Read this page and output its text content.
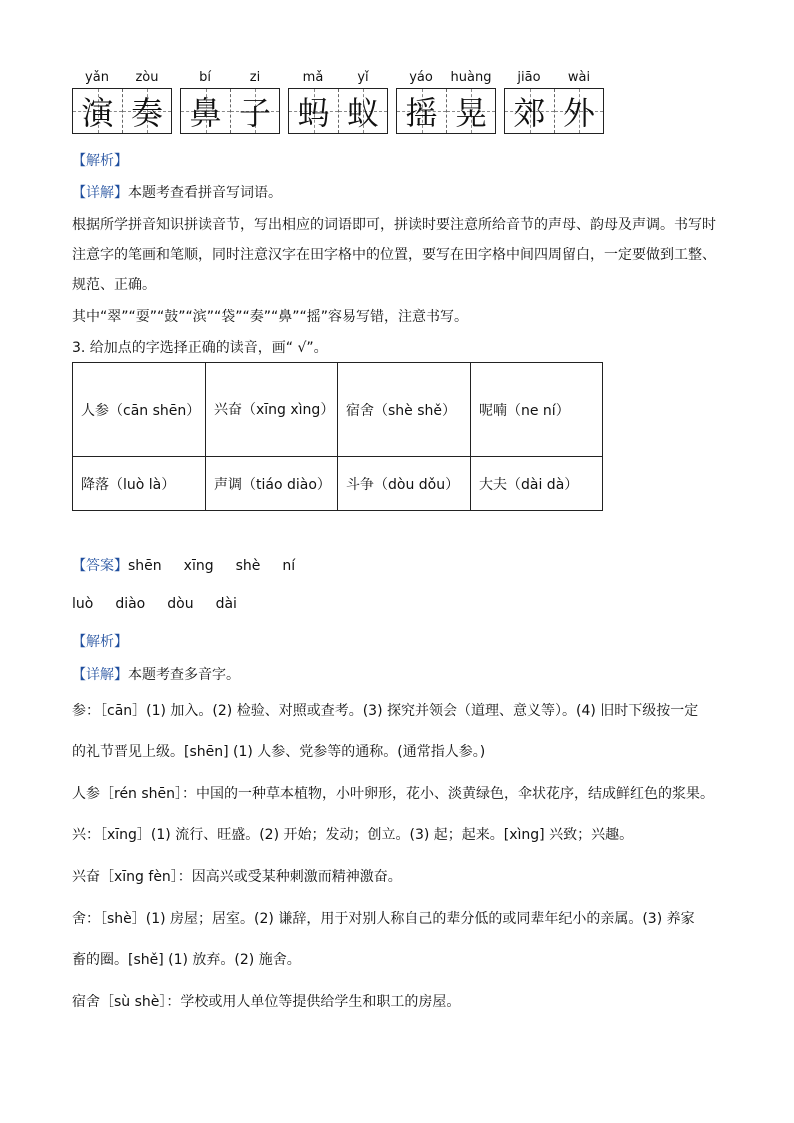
yǎn	zòu	bí	zi	mǎ	yǐ	yáo	huàng	jiāo	wài
演 奏 鼻 子 蚂 蚁 摇 晃 郊 外
【解析】
【详解】本题考查看拼音写词语。
根据所学拼音知识拼读音节，写出相应的词语即可，拼读时要注意所给音节的声母、韵母及声调。书写时
注意字的笔画和笔顺，同时注意汉字在田字格中的位置，要写在田字格中间四周留白，一定要做到工整、
规范、正确。
其中“翠”“耍”“鼓”“滨”“袋”“奏”“鼻”“摇”容易写错，注意书写。
3. 给加点的字选择正确的读音，画“ √”。
人参（cān shēn）	兴奋（xīng xìng）	宿舍（shè shě）	呢喃（ne ní）
降落（luò là）	声调（tiáo diào）	斗争（dòu dǒu）	大夫（dài dà）
【答案】shēn xīng shè ní
luò diào dòu dài
【解析】
【详解】本题考查多音字。
参：［cān］(1) 加入。(2) 检验、对照或查考。(3) 探究并领会（道理、意义等）。(4) 旧时下级按一定
的礼节晋见上级。[shēn] (1) 人参、党参等的通称。(通常指人参。)
人参［rén shēn］：中国的一种草本植物，小叶卵形，花小、淡黄绿色，伞状花序，结成鲜红色的浆果。
兴：［xīng］(1) 流行、旺盛。(2) 开始；发动；创立。(3) 起；起来。[xìng] 兴致；兴趣。
兴奋［xīng fèn］：因高兴或受某种刺激而精神激奋。
舍：［shè］(1) 房屋；居室。(2) 谦辞，用于对别人称自己的辈分低的或同辈年纪小的亲属。(3) 养家
畜的圈。[shě] (1) 放弃。(2) 施舍。
宿舍［sù shè］：学校或用人单位等提供给学生和职工的房屋。
